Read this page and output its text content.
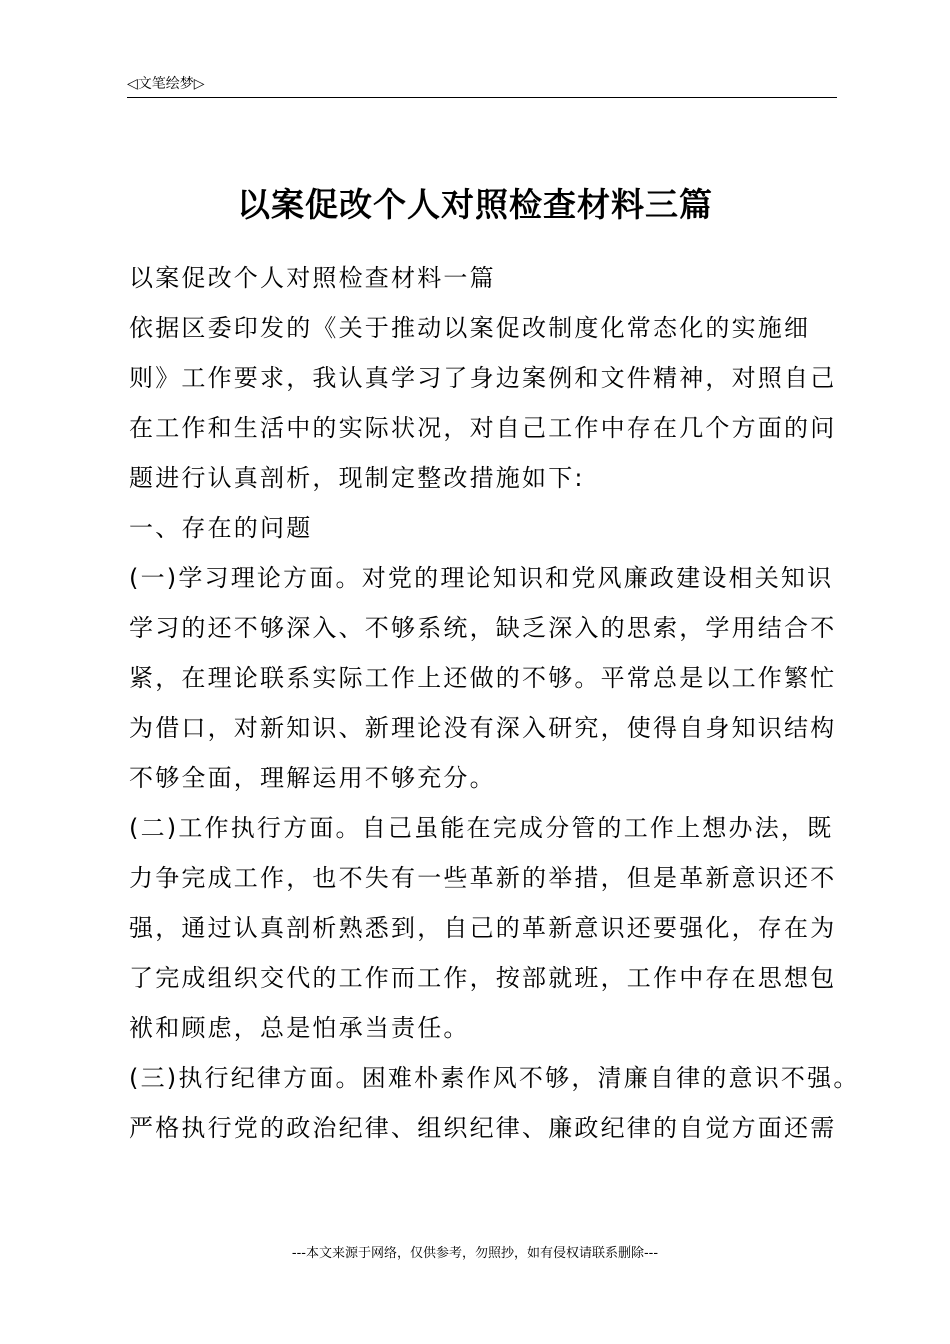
◁文笔绘梦▷
以案促改个人对照检查材料三篇
以案促改个人对照检查材料一篇
依据区委印发的《关于推动以案促改制度化常态化的实施细
则》工作要求，我认真学习了身边案例和文件精神，对照自己
在工作和生活中的实际状况，对自己工作中存在几个方面的问
题进行认真剖析，现制定整改措施如下:
一、存在的问题
(一)学习理论方面。对党的理论知识和党风廉政建设相关知识
学习的还不够深入、不够系统，缺乏深入的思索，学用结合不
紧，在理论联系实际工作上还做的不够。平常总是以工作繁忙
为借口，对新知识、新理论没有深入研究，使得自身知识结构
不够全面，理解运用不够充分。
(二)工作执行方面。自己虽能在完成分管的工作上想办法，既
力争完成工作，也不失有一些革新的举措，但是革新意识还不
强，通过认真剖析熟悉到，自己的革新意识还要强化，存在为
了完成组织交代的工作而工作，按部就班，工作中存在思想包
袱和顾虑，总是怕承当责任。
(三)执行纪律方面。困难朴素作风不够，清廉自律的意识不强。
严格执行党的政治纪律、组织纪律、廉政纪律的自觉方面还需
---本文来源于网络，仅供参考，勿照抄，如有侵权请联系删除---
